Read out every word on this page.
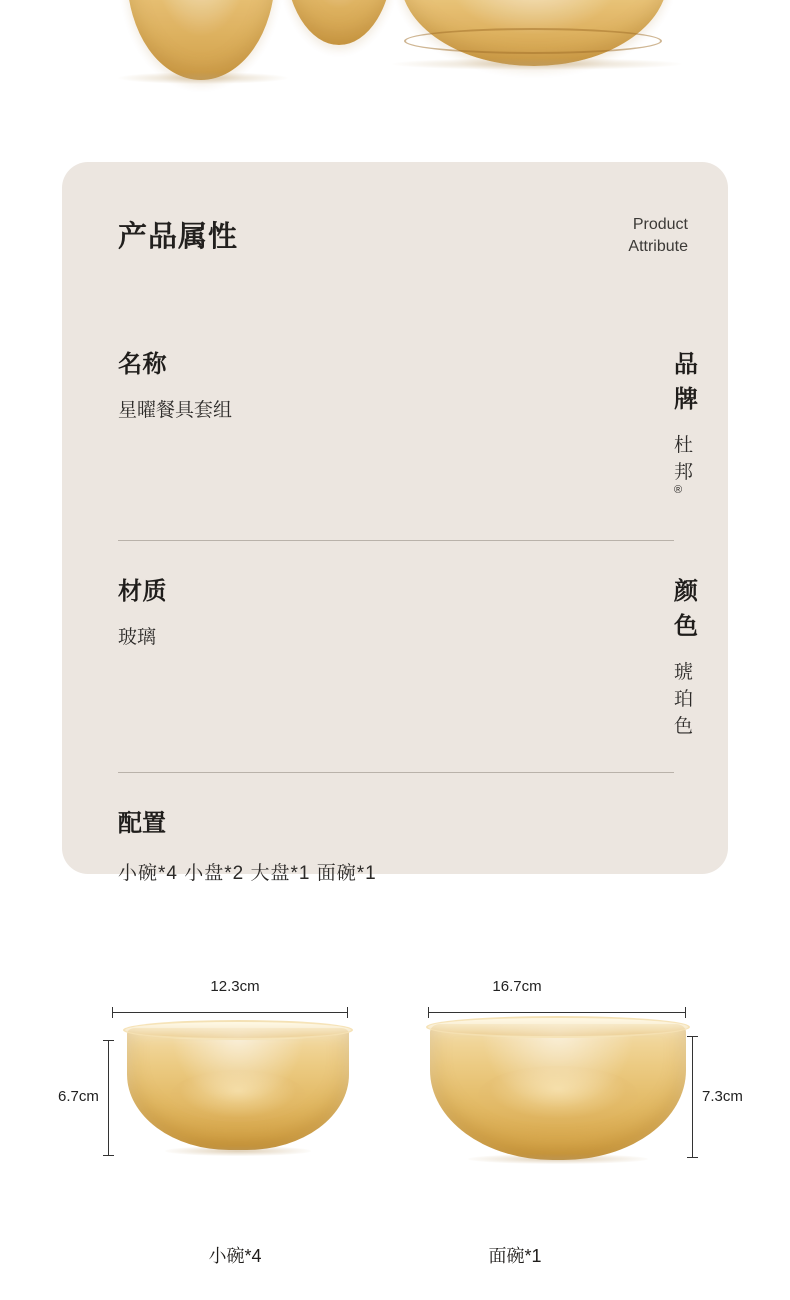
产品属性	Product
Attribute
名称
星曜餐具套组
品牌
杜邦®
材质
玻璃
颜色
琥珀色
配置
小碗*4 小盘*2 大盘*1 面碗*1
12.3cm
6.7cm
小碗*4
16.7cm
7.3cm
面碗*1
